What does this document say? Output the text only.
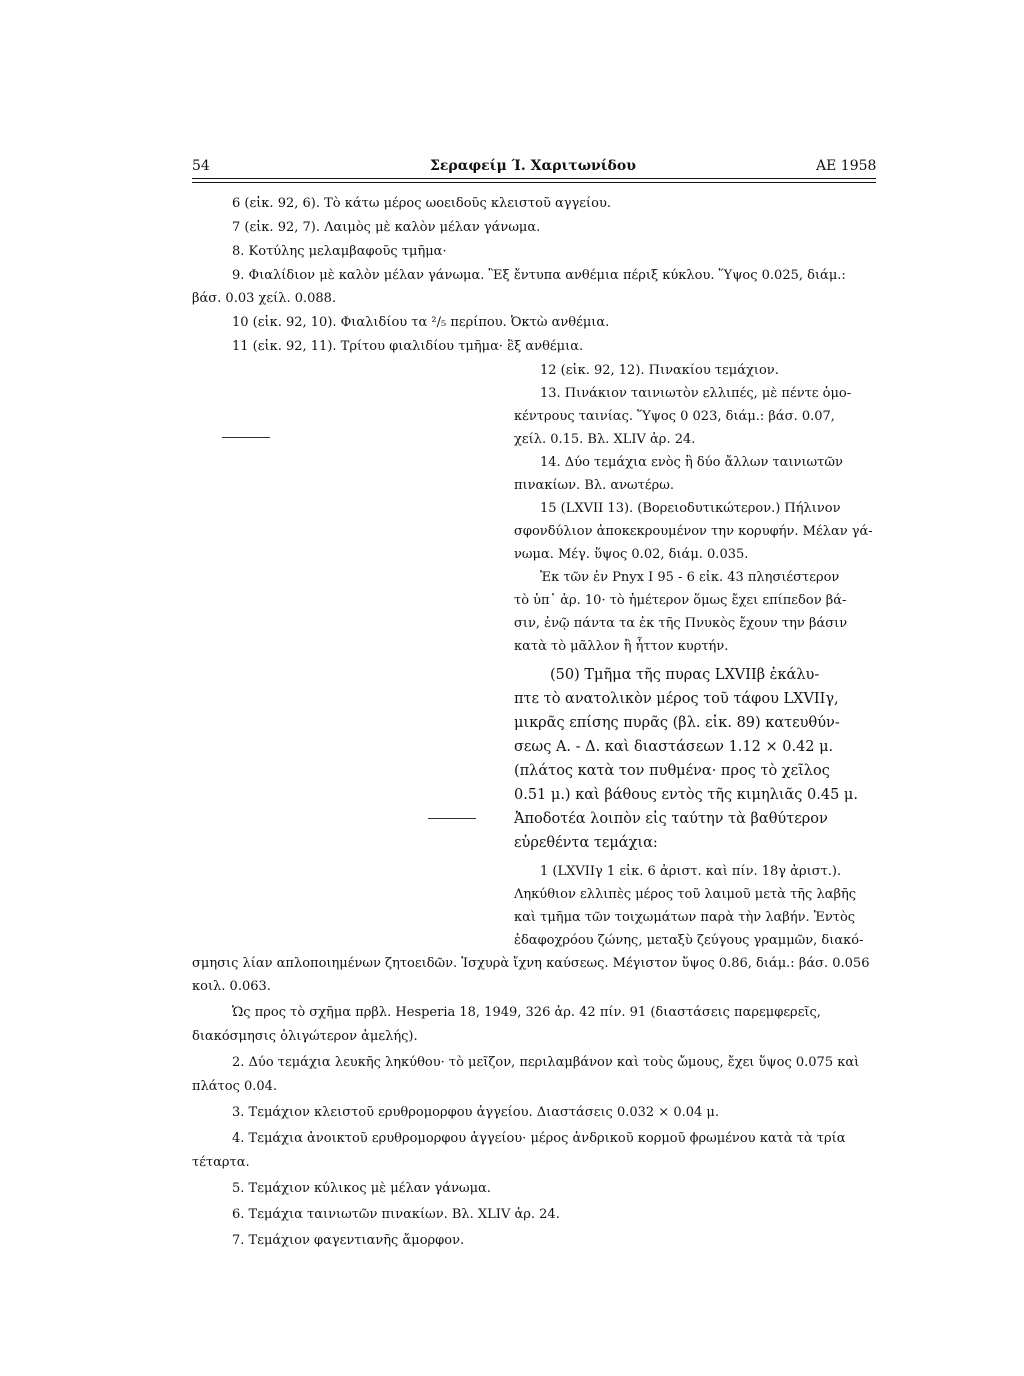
54	Σεραφείμ Ί. Χαριτωνίδου	ΑΕ 1958
6 (εἰκ. 92, 6). Τὸ κάτω μέρος ωοειδοῦς κλειστοῦ αγγείου.
7 (εἰκ. 92, 7). Λαιμὸς μὲ καλὸν μέλαν γάνωμα.
8. Κοτύλης μελαμβαφοῦς τμῆμα·
9. Φιαλίδιον μὲ καλὸν μέλαν γάνωμα. Ἓξ ἔντυπα ανθέμια πέριξ κύκλου. Ὕψος 0.025, διάμ.:
βάσ. 0.03 χείλ. 0.088.
10 (εἰκ. 92, 10). Φιαλιδίου τα ²/₅ περίπου. Ὀκτὼ ανθέμια.
11 (εἰκ. 92, 11). Τρίτου φιαλιδίου τμῆμα· ἓξ ανθέμια.
12 (εἰκ. 92, 12). Πινακίου τεμάχιον.
13. Πινάκιον ταινιωτὸν ελλιπές, μὲ πέντε ὁμο-
κέντρους ταινίας. Ὕψος 0 023, διάμ.: βάσ. 0.07,
χείλ. 0.15. Βλ. XLIV ἀρ. 24.
14. Δύο τεμάχια ενὸς ἢ δύο ἄλλων ταινιωτῶν
πινακίων. Βλ. ανωτέρω.
15 (LXVII 13). (Βορειοδυτικώτερον.) Πήλινον
σφονδύλιον ἀποκεκρουμένον την κορυφήν. Μέλαν γά-
νωμα. Μέγ. ὕψος 0.02, διάμ. 0.035.
Ἐκ τῶν ἐν Pnyx I 95 - 6 εἰκ. 43 πλησιέστερον
τὸ ὑπ᾽ ἀρ. 10· τὸ ἡμέτερον ὅμως ἔχει επίπεδον βά-
σιν, ἐνῷ πάντα τα ἐκ τῆς Πνυκὸς ἔχουν την βάσιν
κατὰ τὸ μᾶλλον ἢ ἧττον κυρτήν.
(50) Τμῆμα τῆς πυρας LXVIIβ ἐκάλυ-
πτε τὸ ανατολικὸν μέρος τοῦ τάφου LXVIIγ,
μικρᾶς επίσης πυρᾶς (βλ. εἰκ. 89) κατευθύν-
σεως Α. - Δ. καὶ διαστάσεων 1.12 × 0.42 μ.
(πλάτος κατὰ τον πυθμένα· προς τὸ χεῖλος
0.51 μ.) καὶ βάθους εντὸς τῆς κιμηλιᾶς 0.45 μ.
Ἀποδοτέα λοιπὸν εἰς ταύτην τὰ βαθύτερον
εὑρεθέντα τεμάχια:
1 (LXVIIγ 1 εἰκ. 6 ἀριστ. καὶ πίν. 18γ ἀριστ.).
Ληκύθιον ελλιπὲς μέρος τοῦ λαιμοῦ μετὰ τῆς λαβῆς
καὶ τμῆμα τῶν τοιχωμάτων παρὰ τὴν λαβήν. Ἐντὸς
ἐδαφοχρόου ζώνης, μεταξὺ ζεύγους γραμμῶν, διακό-
σμησις λίαν απλοποιημένων ζητοειδῶν. Ἰσχυρὰ ἴχνη καύσεως. Μέγιστον ὕψος 0.86, διάμ.: βάσ. 0.056
κοιλ. 0.063.
Ὡς προς τὸ σχῆμα πρβλ. Hesperia 18, 1949, 326 ἀρ. 42 πίν. 91 (διαστάσεις παρεμφερεῖς,
διακόσμησις ὀλιγώτερον ἀμελής).
2. Δύο τεμάχια λευκῆς ληκύθου· τὸ μεῖζον, περιλαμβάνον καὶ τοὺς ὤμους, ἔχει ὕψος 0.075 καὶ
πλάτος 0.04.
3. Τεμάχιον κλειστοῦ ερυθρομορφου ἀγγείου. Διαστάσεις 0.032 × 0.04 μ.
4. Τεμάχια ἀνοικτοῦ ερυθρομορφου ἀγγείου· μέρος ἀνδρικοῦ κορμοῦ ϕρωμένου κατὰ τὰ τρία
τέταρτα.
5. Τεμάχιον κύλικος μὲ μέλαν γάνωμα.
6. Τεμάχια ταινιωτῶν πινακίων. Βλ. XLIV ἀρ. 24.
7. Τεμάχιον φαγεντιανῆς ἄμορφον.
